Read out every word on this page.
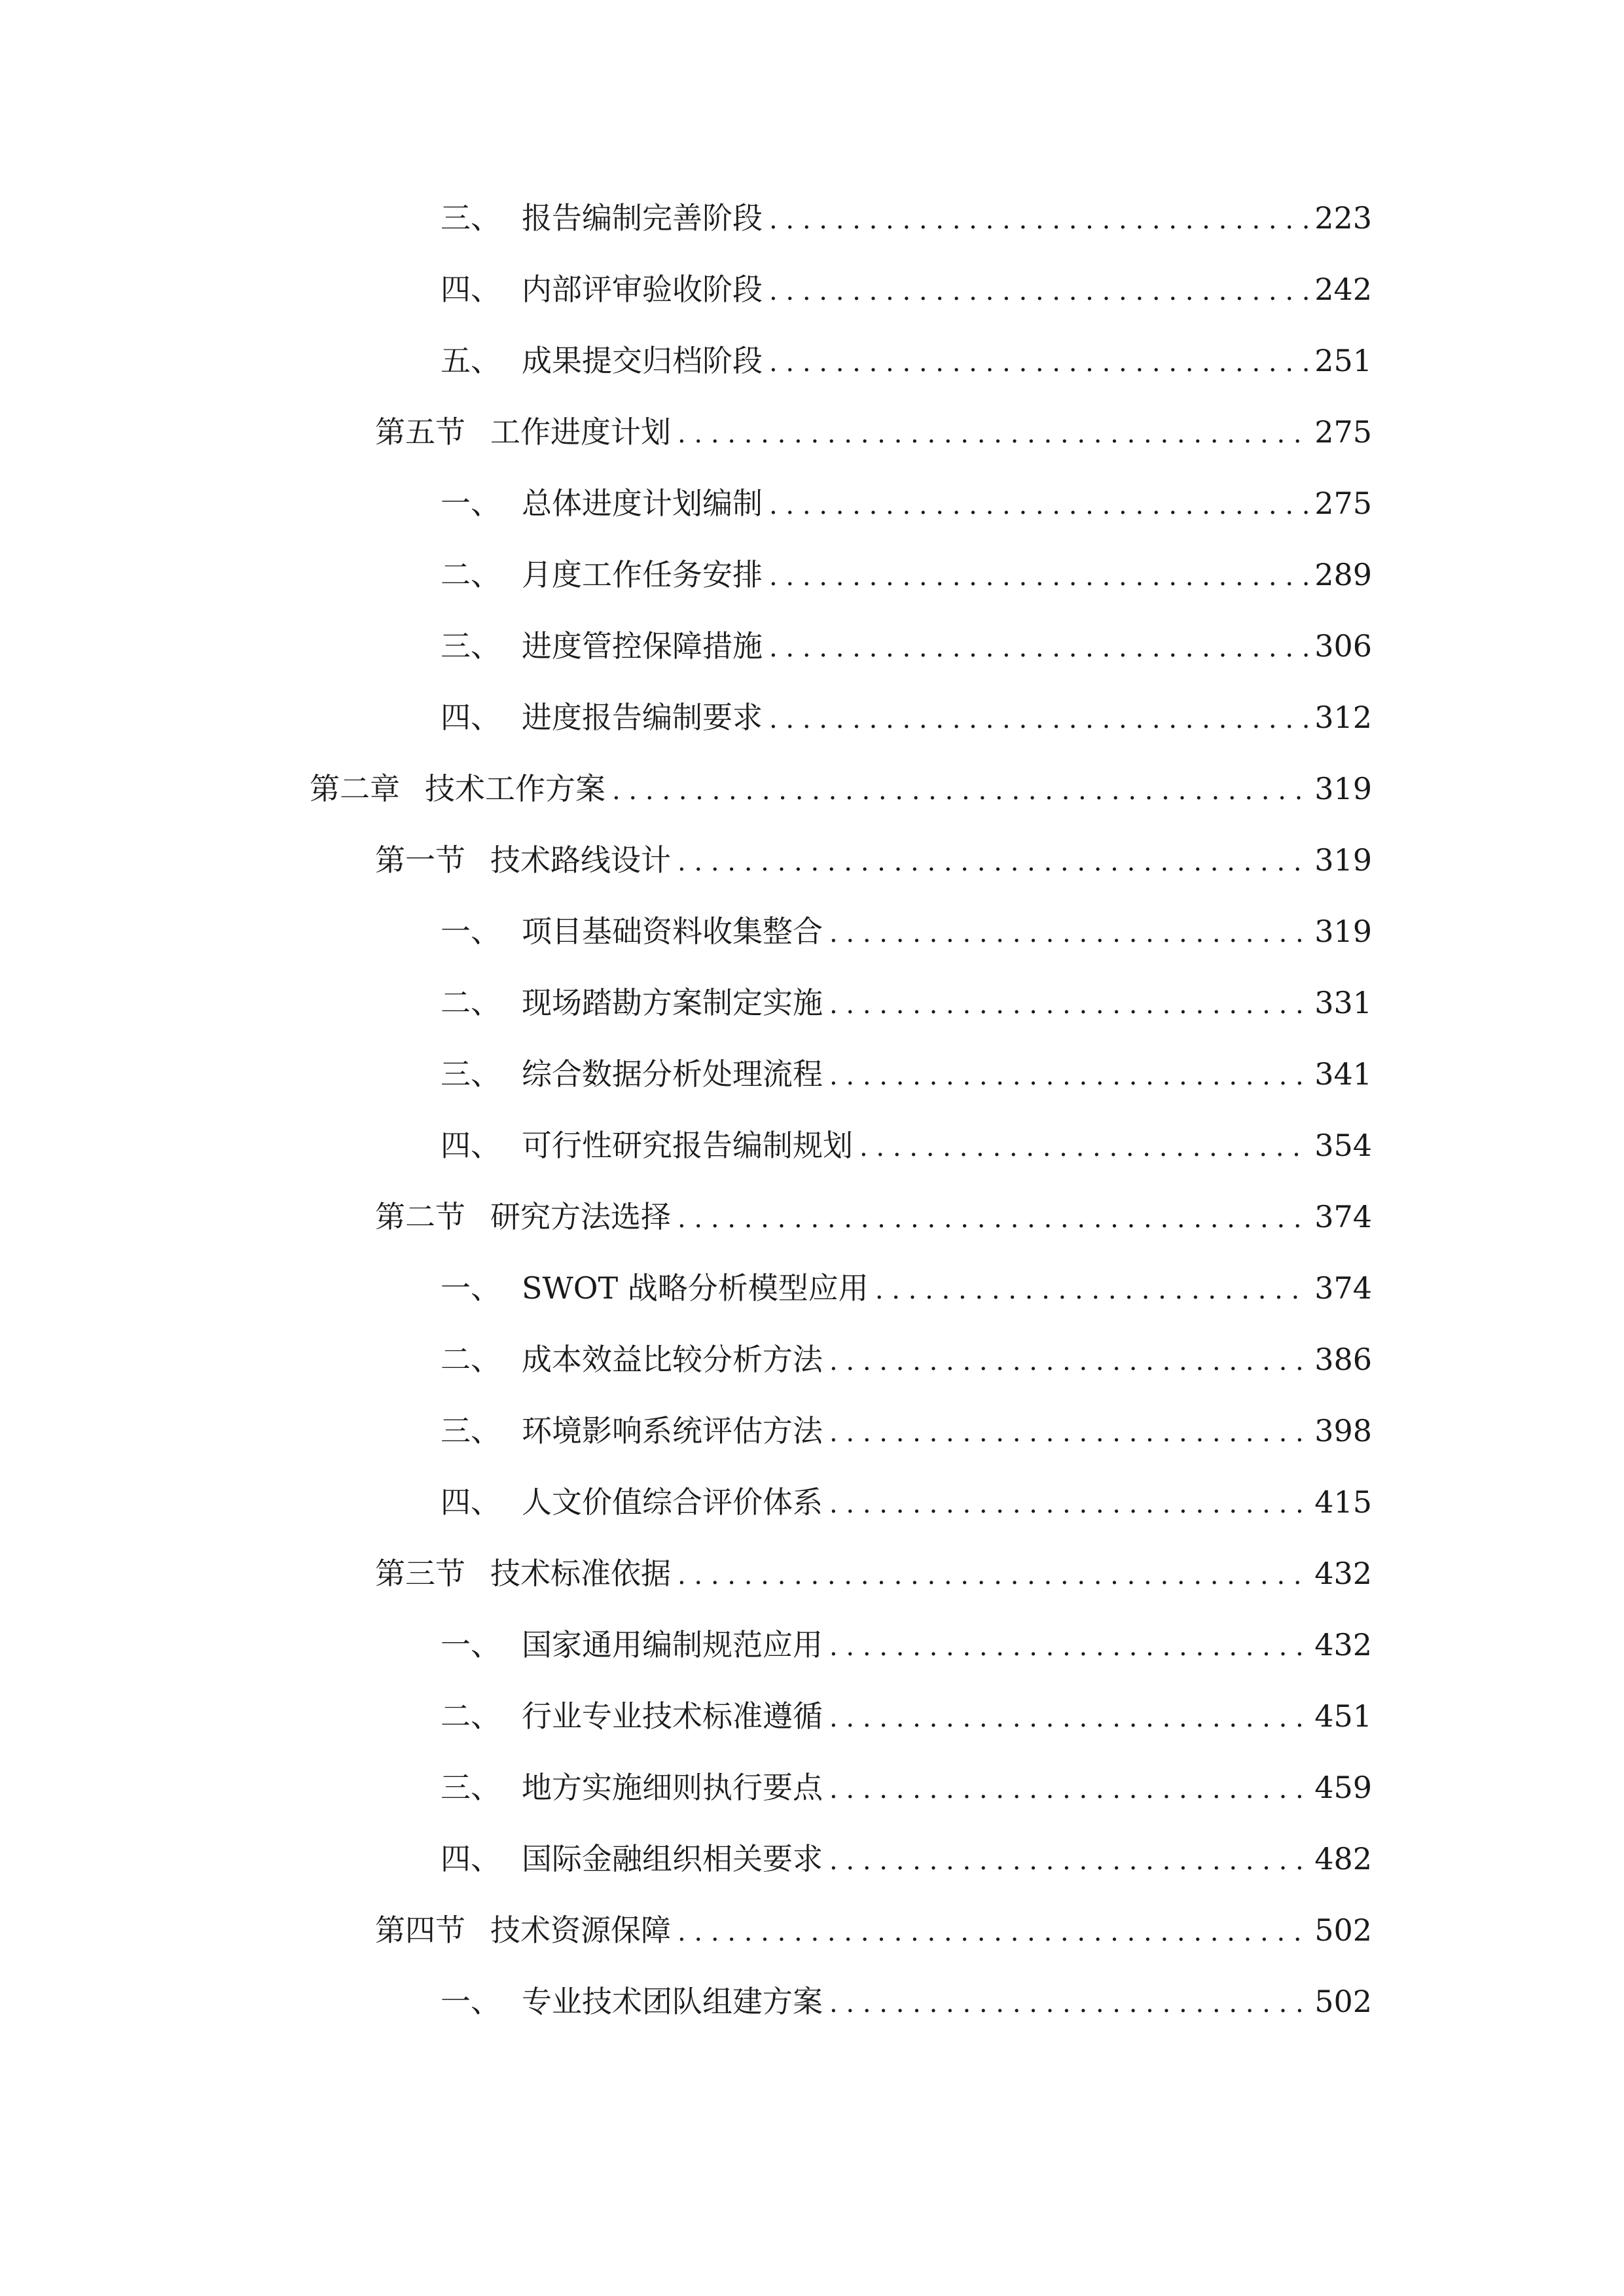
三、 报告编制完善阶段 . . .	223
四、 内部评审验收阶段 . . .	242
五、 成果提交归档阶段 . . .	251
第五节 工作进度计划 . . .	275
一、 总体进度计划编制 . . .	275
二、 月度工作任务安排 . . .	289
三、 进度管控保障措施 . . .	306
四、 进度报告编制要求 . . .	312
第二章 技术工作方案 . . .	319
第一节 技术路线设计 . . .	319
一、 项目基础资料收集整合 . . .	319
二、 现场踏勘方案制定实施 . . .	331
三、 综合数据分析处理流程 . . .	341
四、 可行性研究报告编制规划 . . .	354
第二节 研究方法选择 . . .	374
一、 SWOT 战略分析模型应用 . . .	374
二、 成本效益比较分析方法 . . .	386
三、 环境影响系统评估方法 . . .	398
四、 人文价值综合评价体系 . . .	415
第三节 技术标准依据 . . .	432
一、 国家通用编制规范应用 . . .	432
二、 行业专业技术标准遵循 . . .	451
三、 地方实施细则执行要点 . . .	459
四、 国际金融组织相关要求 . . .	482
第四节 技术资源保障 . . .	502
一、 专业技术团队组建方案 . . .	502
